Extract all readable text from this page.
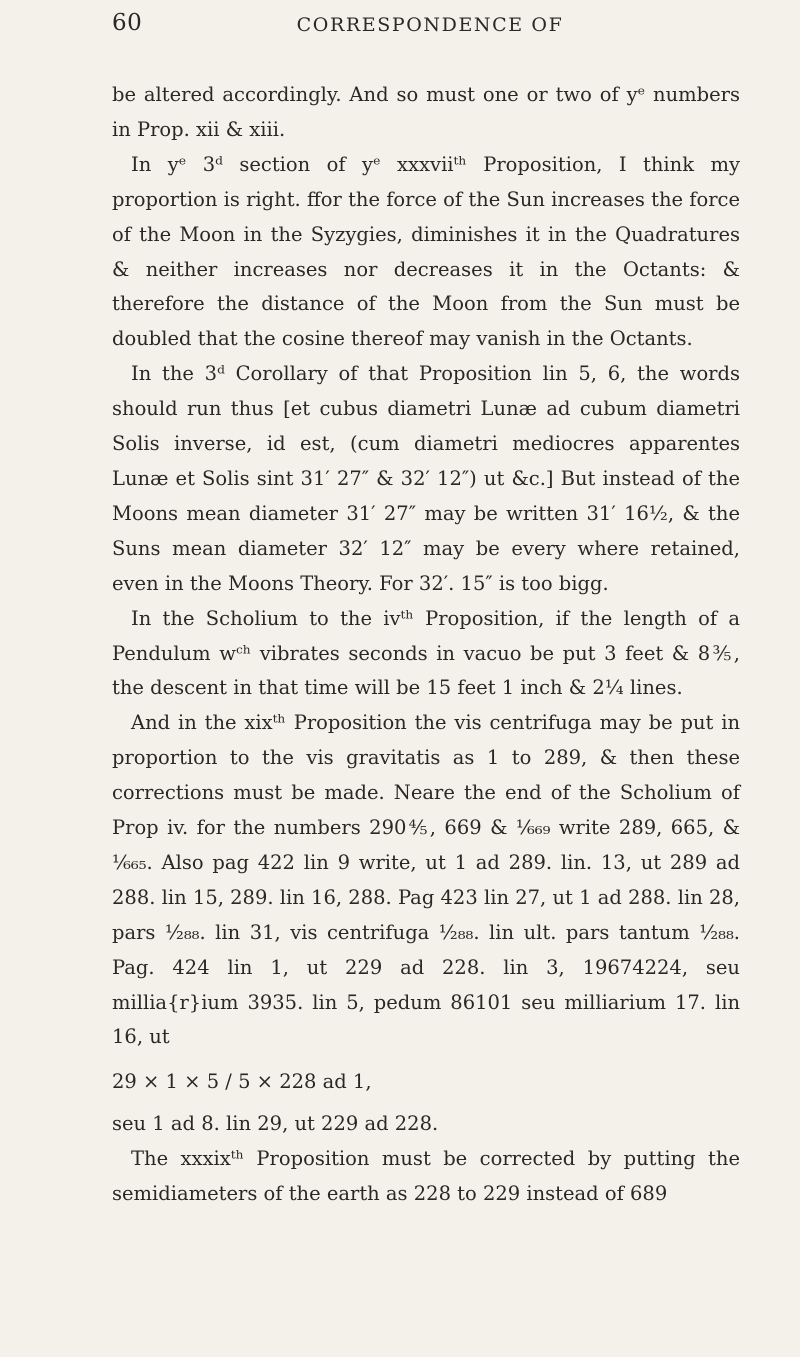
60	CORRESPONDENCE OF

be altered accordingly. And so must one or two of yᵉ numbers in Prop. xii & xiii.

In yᵉ 3ᵈ section of yᵉ xxxviiᵗʰ Proposition, I think my proportion is right. ffor the force of the Sun increases the force of the Moon in the Syzygies, diminishes it in the Quadratures & neither increases nor decreases it in the Octants: & therefore the distance of the Moon from the Sun must be doubled that the cosine thereof may vanish in the Octants.

In the 3ᵈ Corollary of that Proposition lin 5, 6, the words should run thus [et cubus diametri Lunæ ad cubum diametri Solis inverse, id est, (cum diametri mediocres apparentes Lunæ et Solis sint 31′ 27″ & 32′ 12″) ut &c.] But instead of the Moons mean diameter 31′ 27″ may be written 31′ 16½, & the Suns mean diameter 32′ 12″ may be every where retained, even in the Moons Theory. For 32′. 15″ is too bigg.

In the Scholium to the ivᵗʰ Proposition, if the length of a Pendulum wᶜʰ vibrates seconds in vacuo be put 3 feet & 8⅗, the descent in that time will be 15 feet 1 inch & 2¼ lines.

And in the xixᵗʰ Proposition the vis centrifuga may be put in proportion to the vis gravitatis as 1 to 289, & then these corrections must be made. Neare the end of the Scholium of Prop iv. for the numbers 290⅘, 669 & ¹⁄₆₆₉ write 289, 665, & ¹⁄₆₆₅. Also pag 422 lin 9 write, ut 1 ad 289. lin. 13, ut 289 ad 288. lin 15, 289. lin 16, 288. Pag 423 lin 27, ut 1 ad 288. lin 28, pars ¹⁄₂₈₈. lin 31, vis centrifuga ¹⁄₂₈₈. lin ult. pars tantum ¹⁄₂₈₈. Pag. 424 lin 1, ut 229 ad 228. lin 3, 19674224, seu millia{r}ium 3935. lin 5, pedum 86101 seu milliarium 17. lin 16, ut

29 × 1 × 5 / 5 × 228 ad 1,

seu 1 ad 8. lin 29, ut 229 ad 228.

The xxxixᵗʰ Proposition must be corrected by putting the semidiameters of the earth as 228 to 229 instead of 689
